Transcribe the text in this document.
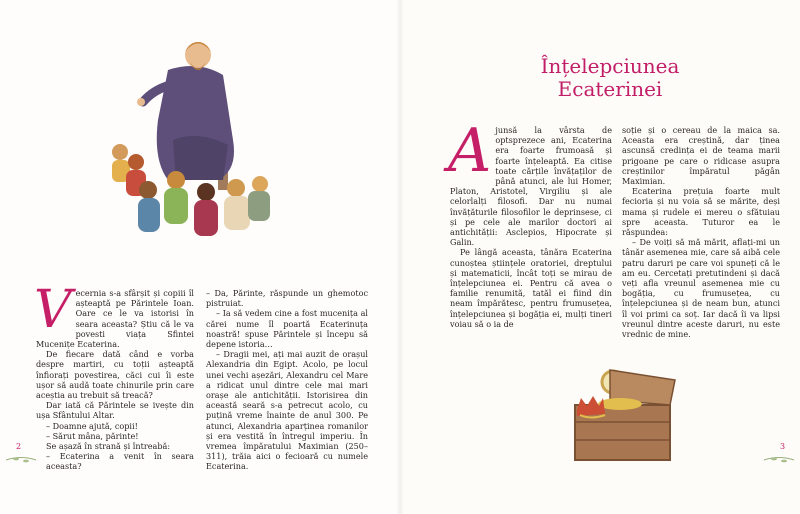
V ecernia s-a sfârșit și copiii îl așteaptă pe Părintele Ioan. Oare ce le va istorisi în seara aceasta? Știu că le va povesti viața Sfintei Mucenițe Ecaterina.

De fiecare dată când e vorba despre martiri, cu toții așteaptă înfiorați povestirea, căci cui îi este ușor să audă toate chinurile prin care aceștia au trebuit să treacă?

Dar iată că Părintele se ivește din ușa Sfântului Altar.

– Doamne ajută, copii!

– Sărut mâna, părinte!

Se așază în strană și întreabă:

– Ecaterina a venit în seara aceasta?

– Da, Părinte, răspunde un ghemotoc pistruiat.

– Ia să vedem cine a fost mucenița al cărei nume îl poartă Ecaterinuța noastră! spuse Părintele și începu să depene istoria…

– Dragii mei, ați mai auzit de orașul Alexandria din Egipt. Acolo, pe locul unei vechi așezări, Alexandru cel Mare a ridicat unul dintre cele mai mari orașe ale antichității. Istorisirea din această seară s-a petrecut acolo, cu puțină vreme înainte de anul 300. Pe atunci, Alexandria aparținea romanilor și era vestită în întregul imperiu. În vremea împăratului Maximian (250–311), trăia aici o fecioară cu numele Ecaterina.

2
Înțelepciunea Ecaterinei
A junsă la vârsta de optsprezece ani, Ecaterina era foarte frumoasă și foarte înțeleaptă. Ea citise toate cărțile învățaților de până atunci, ale lui Homer, Platon, Aristotel, Virgiliu și ale celorlalți filosofi. Dar nu numai învățăturile filosofilor le deprinsese, ci și pe cele ale marilor doctori ai antichității: Asclepios, Hipocrate și Galin.

Pe lângă aceasta, tânăra Ecaterina cunoștea științele oratoriei, dreptului și matematicii, încât toți se mirau de înțelepciunea ei. Pentru că avea o familie renumită, tatăl ei fiind din neam împărătesc, pentru frumusețea, înțelepciunea și bogăția ei, mulți tineri voiau să o ia de

soție și o cereau de la maica sa. Aceasta era creștină, dar ținea ascunsă credința ei de teama marii prigoane pe care o ridicase asupra creștinilor împăratul păgân Maximian.

Ecaterina prețuia foarte mult fecioria și nu voia să se mărite, deși mama și rudele ei mereu o sfătuiau spre aceasta. Tuturor ea le răspundea:

– De voiți să mă mărit, aflați-mi un tânăr asemenea mie, care să aibă cele patru daruri pe care voi spuneți că le am eu. Cercetați pretutindeni și dacă veți afla vreunul asemenea mie cu bogăția, cu frumusețea, cu înțelepciunea și de neam bun, atunci îl voi primi ca soț. Iar dacă îi va lipsi vreunul dintre aceste daruri, nu este vrednic de mine.

3
